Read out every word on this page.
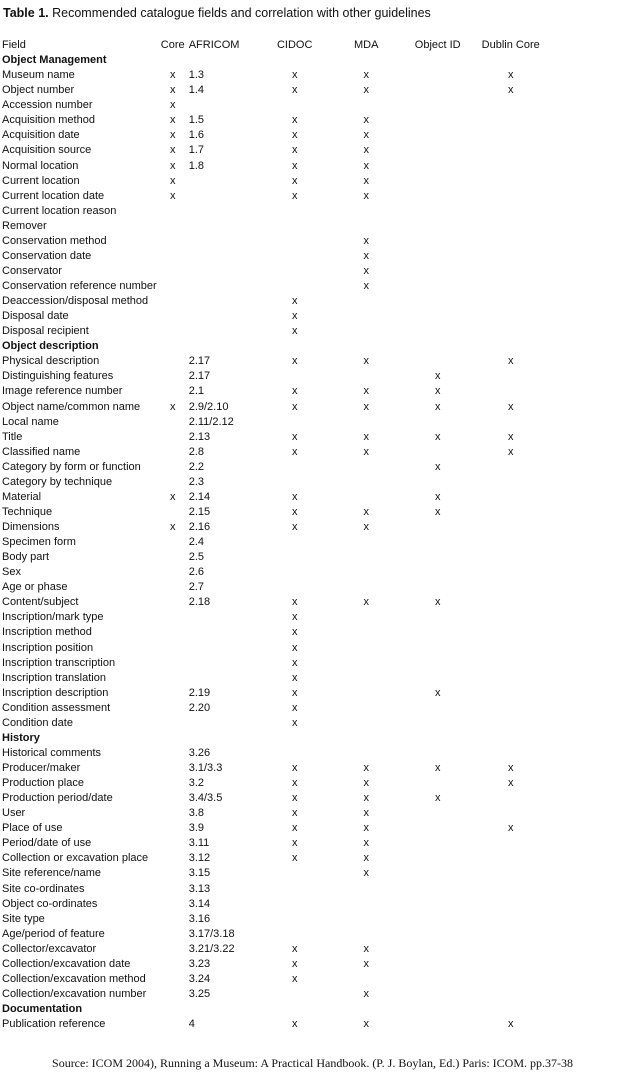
Table 1. Recommended catalogue fields and correlation with other guidelines
Field	Core	AFRICOM	CIDOC	MDA	Object ID	Dublin Core
Object Management						
Museum name	x	1.3	x	x		x
Object number	x	1.4	x	x		x
Accession number	x					
Acquisition method	x	1.5	x	x		
Acquisition date	x	1.6	x	x		
Acquisition source	x	1.7	x	x		
Normal location	x	1.8	x	x		
Current location	x		x	x		
Current location date	x		x	x		
Current location reason						
Remover						
Conservation method				x		
Conservation date				x		
Conservator				x		
Conservation reference number				x		
Deaccession/disposal method			x			
Disposal date			x			
Disposal recipient			x			
Object description						
Physical description		2.17	x	x		x
Distinguishing features		2.17			x	
Image reference number		2.1	x	x	x	
Object name/common name	x	2.9/2.10	x	x	x	x
Local name		2.11/2.12				
Title		2.13	x	x	x	x
Classified name		2.8	x	x		x
Category by form or function		2.2			x	
Category by technique		2.3				
Material	x	2.14	x		x	
Technique		2.15	x	x	x	
Dimensions	x	2.16	x	x		
Specimen form		2.4				
Body part		2.5				
Sex		2.6				
Age or phase		2.7				
Content/subject		2.18	x	x	x	
Inscription/mark type			x			
Inscription method			x			
Inscription position			x			
Inscription transcription			x			
Inscription translation			x			
Inscription description		2.19	x		x	
Condition assessment		2.20	x			
Condition date			x			
History						
Historical comments		3.26				
Producer/maker		3.1/3.3	x	x	x	x
Production place		3.2	x	x		x
Production period/date		3.4/3.5	x	x	x	
User		3.8	x	x		
Place of use		3.9	x	x		x
Period/date of use		3.11	x	x		
Collection or excavation place		3.12	x	x		
Site reference/name		3.15		x		
Site co-ordinates		3.13				
Object co-ordinates		3.14				
Site type		3.16				
Age/period of feature		3.17/3.18				
Collector/excavator		3.21/3.22	x	x		
Collection/excavation date		3.23	x	x		
Collection/excavation method		3.24	x			
Collection/excavation number		3.25		x		
Documentation						
Publication reference		4	x	x		x
Source: ICOM 2004), Running a Museum: A Practical Handbook. (P. J. Boylan, Ed.) Paris: ICOM. pp.37-38
